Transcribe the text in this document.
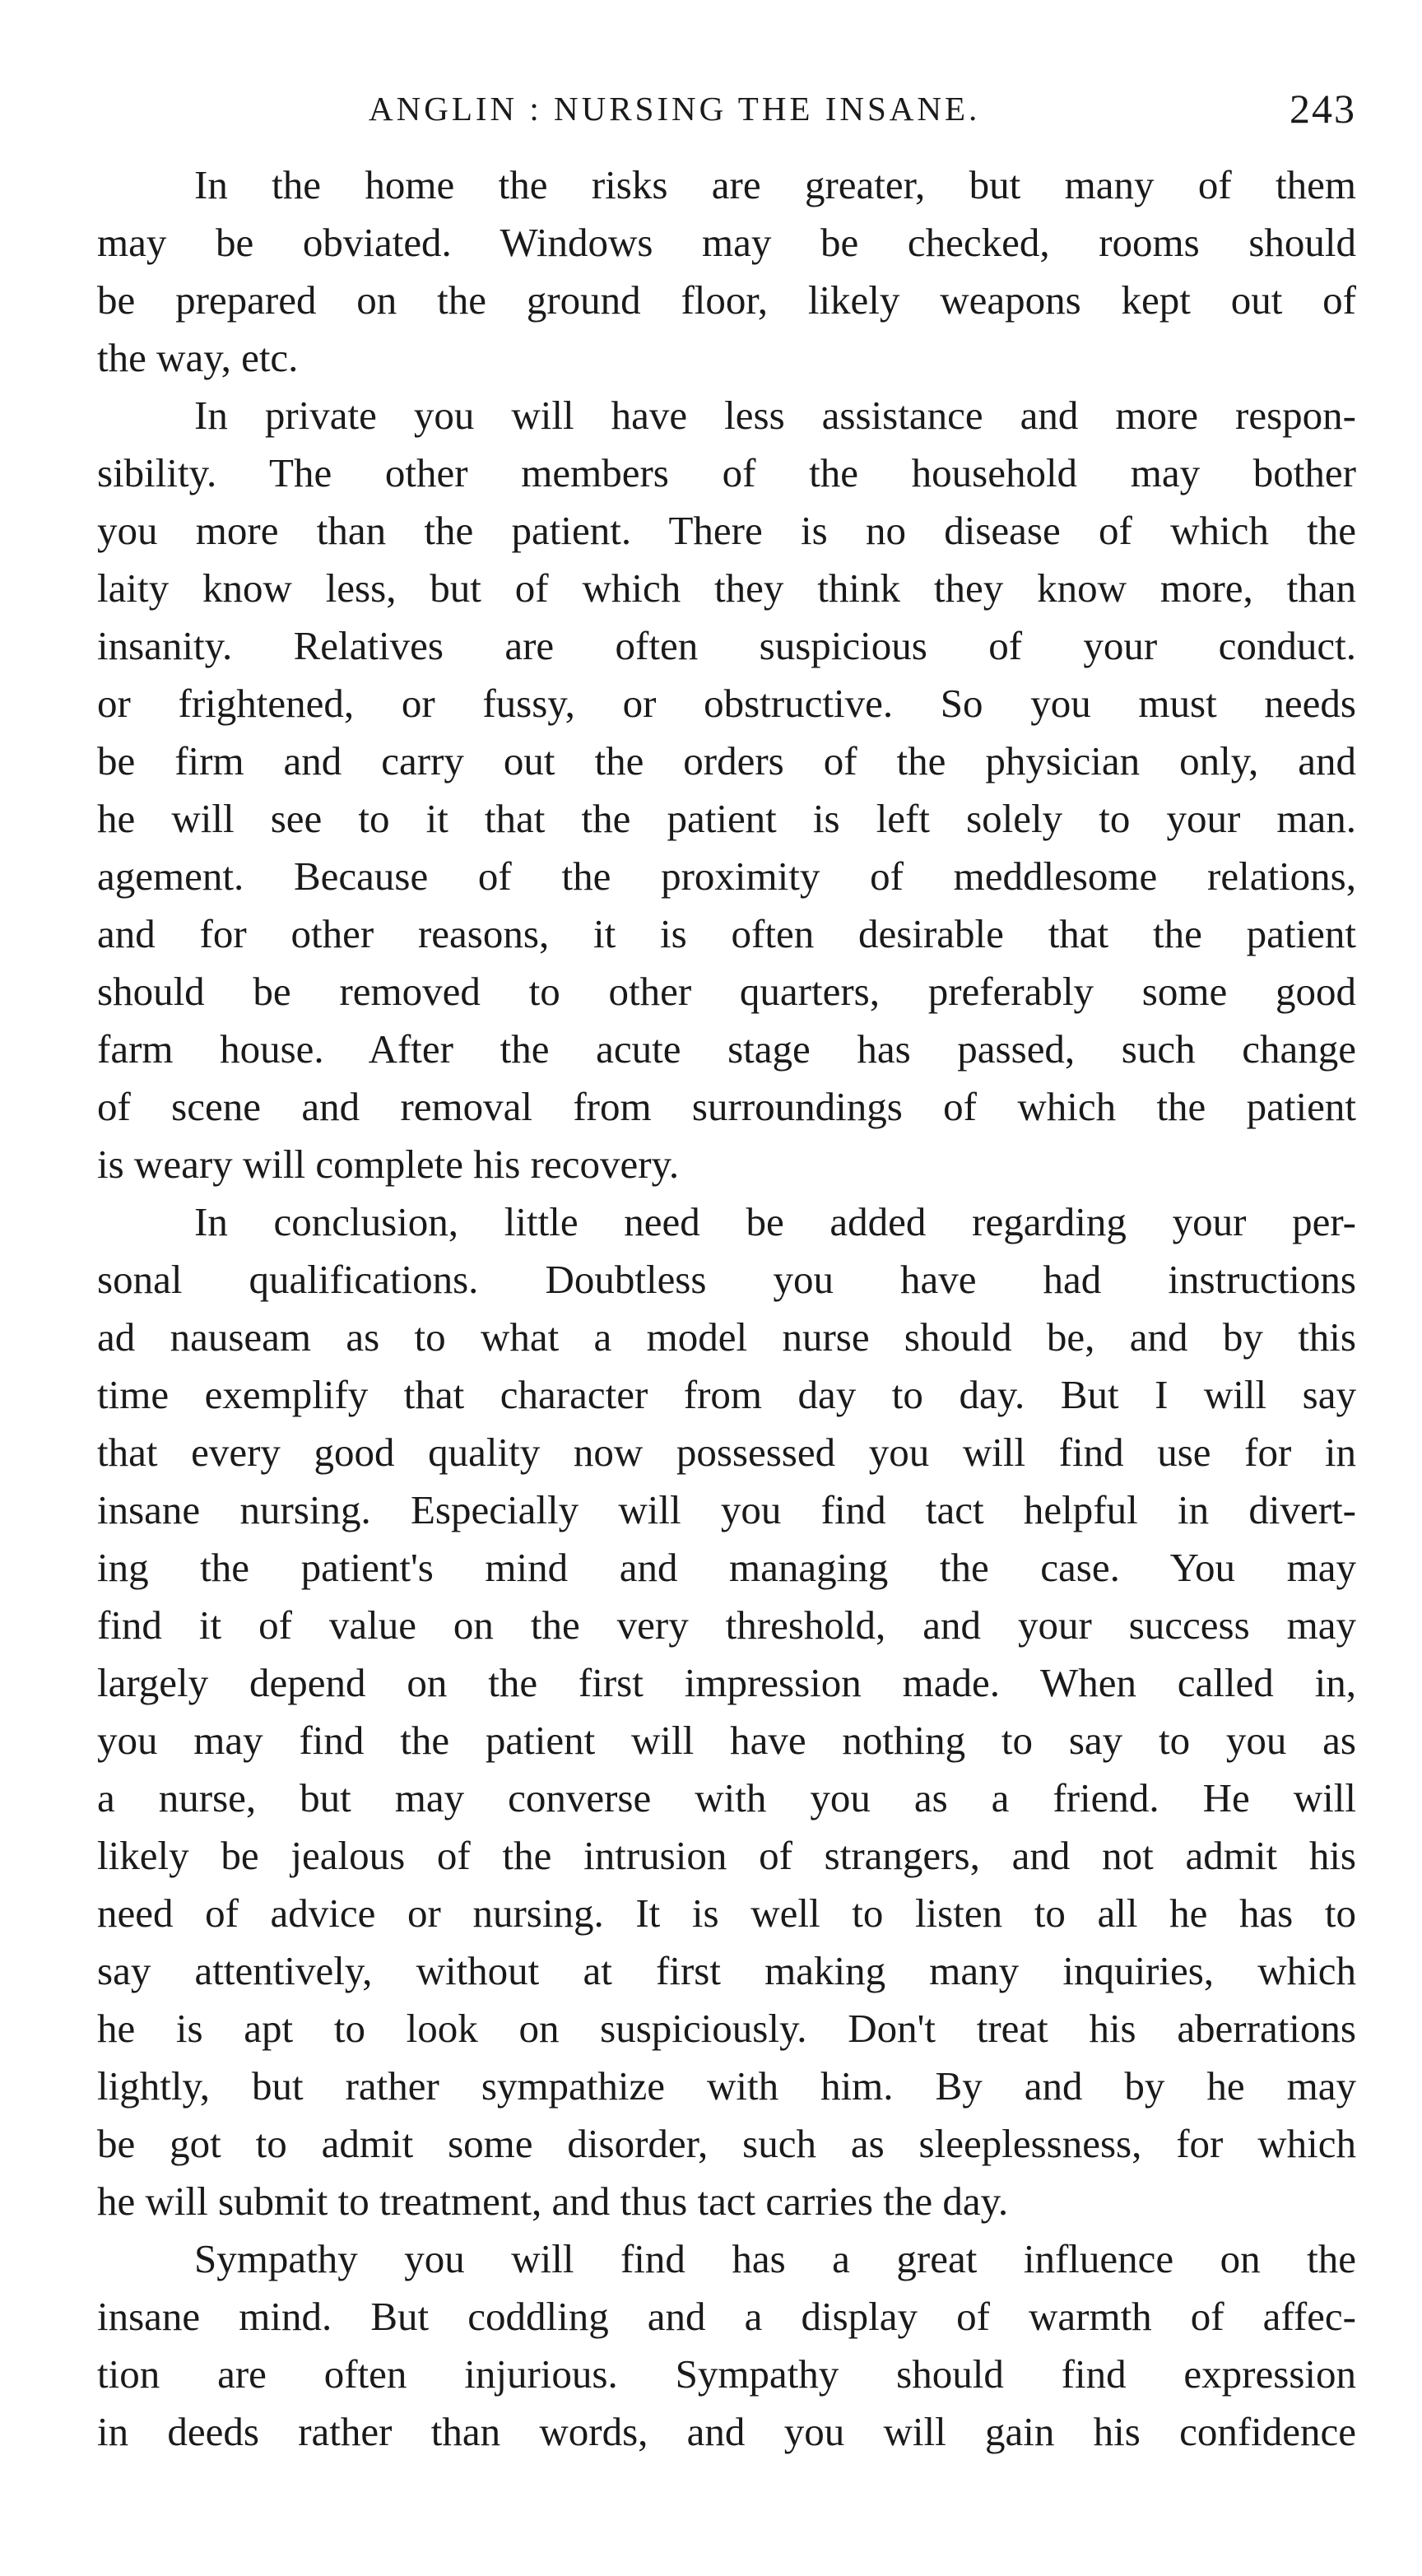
ANGLIN : NURSING THE INSANE.	243
In the home the risks are greater, but many of them
may be obviated. Windows may be checked, rooms should
be prepared on the ground floor, likely weapons kept out of
the way, etc.
In private you will have less assistance and more respon-
sibility. The other members of the household may bother
you more than the patient. There is no disease of which the
laity know less, but of which they think they know more, than
insanity. Relatives are often suspicious of your conduct.
or frightened, or fussy, or obstructive. So you must needs
be firm and carry out the orders of the physician only, and
he will see to it that the patient is left solely to your man.
agement. Because of the proximity of meddlesome relations,
and for other reasons, it is often desirable that the patient
should be removed to other quarters, preferably some good
farm house. After the acute stage has passed, such change
of scene and removal from surroundings of which the patient
is weary will complete his recovery.
In conclusion, little need be added regarding your per-
sonal qualifications. Doubtless you have had instructions
ad nauseam as to what a model nurse should be, and by this
time exemplify that character from day to day. But I will say
that every good quality now possessed you will find use for in
insane nursing. Especially will you find tact helpful in divert-
ing the patient's mind and managing the case. You may
find it of value on the very threshold, and your success may
largely depend on the first impression made. When called in,
you may find the patient will have nothing to say to you as
a nurse, but may converse with you as a friend. He will
likely be jealous of the intrusion of strangers, and not admit his
need of advice or nursing. It is well to listen to all he has to
say attentively, without at first making many inquiries, which
he is apt to look on suspiciously. Don't treat his aberrations
lightly, but rather sympathize with him. By and by he may
be got to admit some disorder, such as sleeplessness, for which
he will submit to treatment, and thus tact carries the day.
Sympathy you will find has a great influence on the
insane mind. But coddling and a display of warmth of affec-
tion are often injurious. Sympathy should find expression
in deeds rather than words, and you will gain his confidence
